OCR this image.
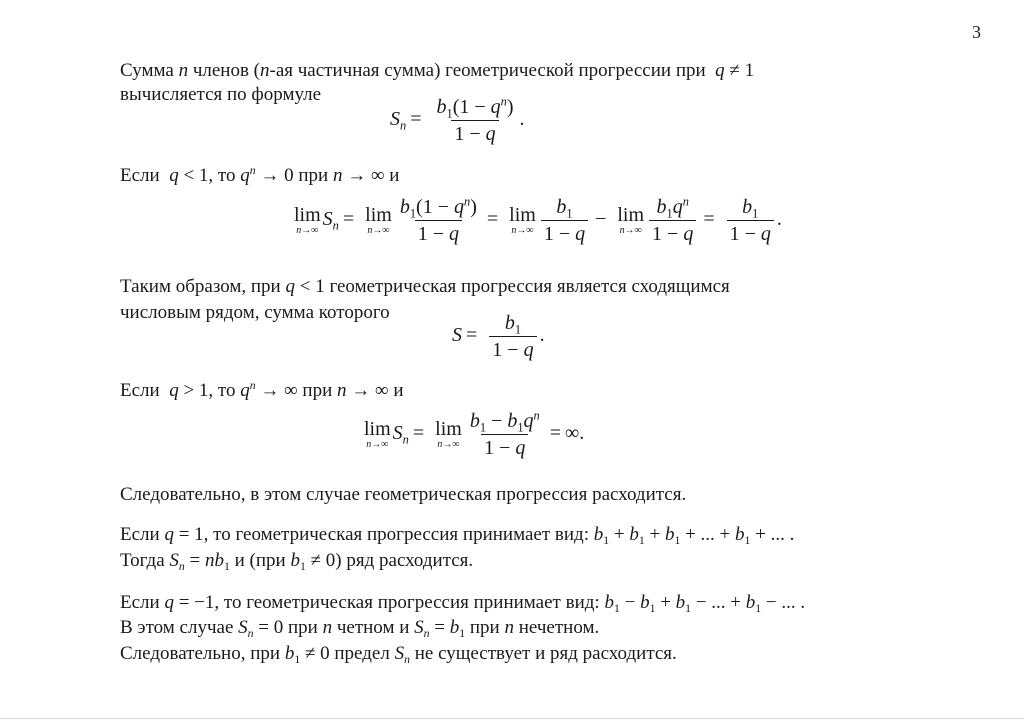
3
Сумма n членов (n-ая частичная сумма) геометрической прогрессии при  q ≠ 1
вычисляется по формуле
$S_n = \frac{b_1(1 - q^n)}{1 - q}$ .
Если q < 1, то $q^n \to 0$ при n → ∞ и
lim
n→∞
$S_n = \lim$
$n\to\infty \frac{b_1(1 - q^n)}{1 - q} = \lim$
$n\to\infty \frac{b_1}{1 - q} - \lim$
$n\to\infty \frac{b_1q^n}{1 - q} = \frac{b_1}{1 - q}$ .
Таким образом, при q < 1 геометрическая прогрессия является сходящимся
числовым рядом, сумма которого
$S = \frac{b_1}{1 - q}$ .
Если q > 1, то $q^n$ → ∞ при n → ∞ и
lim
n→∞
$S_n = \lim$
$n\to\infty \frac{b_1 - b_1q^n}{1 - q}$ = ∞.
Следовательно, в этом случае геометрическая прогрессия расходится.
Если q = 1, то геометрическая прогрессия принимает вид: $b_1 + b_1 + b_1$ + ... + $b_1$ + ... .
Тогда $S_n = nb_1$ и (при $b_1 \ne 0$) ряд расходится.
Если q = −1, то геометрическая прогрессия принимает вид: $b_1 - b_1 + b_1$ − ... + $b_1$ − ... .
В этом случае $S_n = 0$ при n четном и $S_n = b_1$ при n нечетном.
Следовательно, при $b_1 \ne 0$ предел $S_n$ не существует и ряд расходится.
